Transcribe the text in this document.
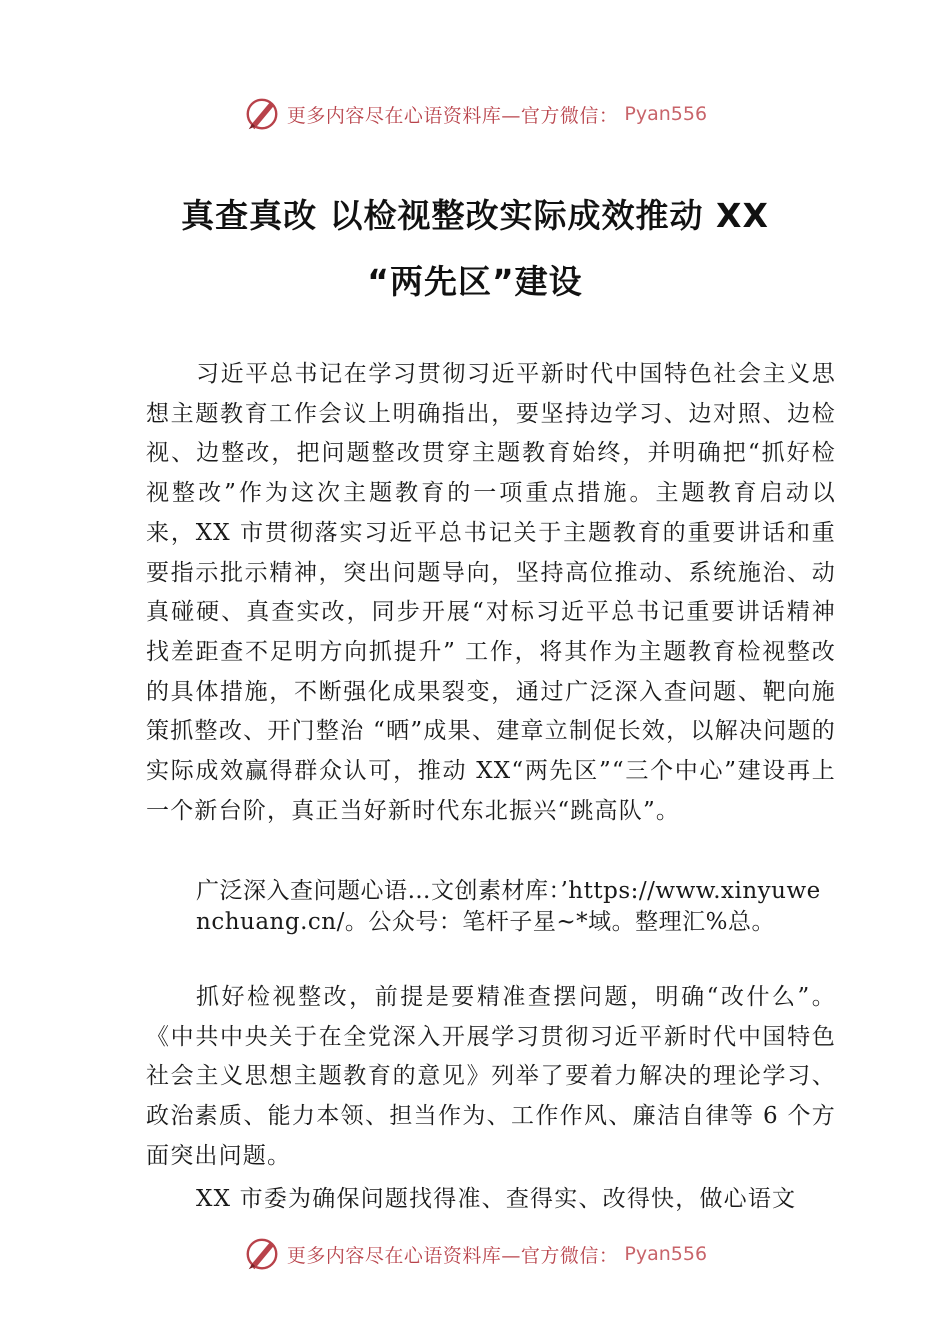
更多内容尽在心语资料库—官方微信： Pyan556
真查真改 以检视整改实际成效推动 XX
“两先区”建设

习近平总书记在学习贯彻习近平新时代中国特色社会主义思想主题教育工作会议上明确指出，要坚持边学习、边对照、边检视、边整改，把问题整改贯穿主题教育始终，并明确把“抓好检视整改”作为这次主题教育的一项重点措施。主题教育启动以来，XX 市贯彻落实习近平总书记关于主题教育的重要讲话和重要指示批示精神，突出问题导向，坚持高位推动、系统施治、动真碰硬、真查实改，同步开展“对标习近平总书记重要讲话精神找差距查不足明方向抓提升” 工作，将其作为主题教育检视整改的具体措施，不断强化成果裂变，通过广泛深入查问题、靶向施策抓整改、开门整治 “晒”成果、建章立制促长效，以解决问题的实际成效赢得群众认可，推动 XX“两先区”“三个中心”建设再上一个新台阶，真正当好新时代东北振兴“跳高队”。

广泛深入查问题心语…文创素材库：’https://www.xinyuwenchuang.cn/。公众号：笔杆子星~*域。整理汇%总。

抓好检视整改，前提是要精准查摆问题，明确“改什么”。《中共中央关于在全党深入开展学习贯彻习近平新时代中国特色社会主义思想主题教育的意见》列举了要着力解决的理论学习、政治素质、能力本领、担当作为、工作作风、廉洁自律等 6 个方面突出问题。

XX 市委为确保问题找得准、查得实、改得快，做心语文

更多内容尽在心语资料库—官方微信： Pyan556
